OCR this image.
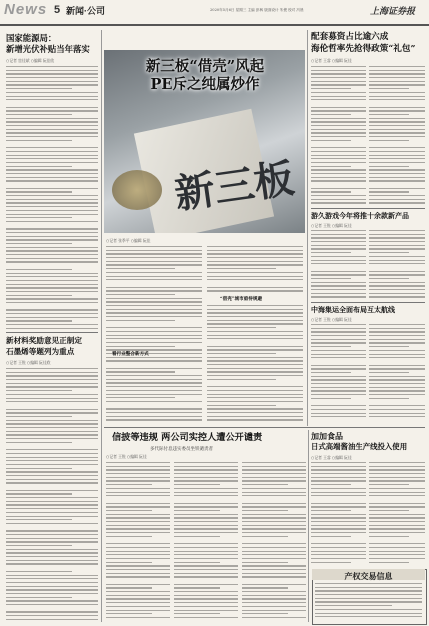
News 5 新闻·公司	2020年5月6日 星期三 主编 彭枫 版面设计 朱俊 校对 冯晨	上海证券报
国家能源局：
新增光伏补贴当年落实
○记者 宦佳斌 ○编辑 阮佳欣
新材料奖励意见正制定
石墨烯等题列为重点
○记者 王锐 ○编辑 阮佳欣
新三板
新三板“借壳”风起
PE斥之纯属炒作
○记者 张季平 ○编辑 阮佳
“借壳”城市亟待规避
看行业整合新方式
配套募资占比逾六成
海伦哲率先抢得政策“礼包”
○记者 王睿 ○编辑 阮佳
游久游戏今年将推十余款新产品
○记者 王锐 ○编辑 阮佳
中海集运全面布局互太航线
○记者 王锐 ○编辑 阮佳
信披等违规 两公司实控人遭公开谴责
多代际付息违实委员坐铁谴责者
○记者 王锐 ○编辑 阮佳
加加食品
日式高端酱油生产线投入使用
○记者 王睿 ○编辑 阮佳
产权交易信息
